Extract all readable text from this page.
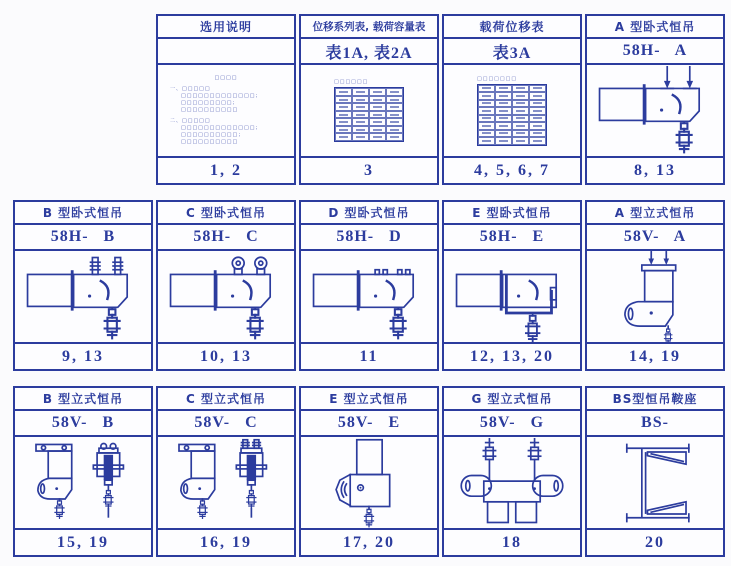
选用说明
□□□□
一、□□□□□
□□□□□□□□□□□□□；
□□□□□□□□□；
□□□□□□□□□□
二、□□□□□
□□□□□□□□□□□□□；
□□□□□□□□□□；
□□□□□□□□□□
1, 2
位移系列表, 载荷容量表
表1A, 表2A
□□□□□□
3
载荷位移表
表3A
□□□□□□□
4, 5, 6, 7
A 型卧式恒吊
58H-   A
8, 13
B 型卧式恒吊
58H-   B
9, 13
C 型卧式恒吊
58H-   C
10, 13
D 型卧式恒吊
58H-   D
11
E 型卧式恒吊
58H-   E
12, 13, 20
A 型立式恒吊
58V-   A
14, 19
B 型立式恒吊
58V-   B
15, 19
C 型立式恒吊
58V-   C
16, 19
E 型立式恒吊
58V-   E
17, 20
G 型立式恒吊
58V-   G
18
BS型恒吊鞍座
BS-
20
